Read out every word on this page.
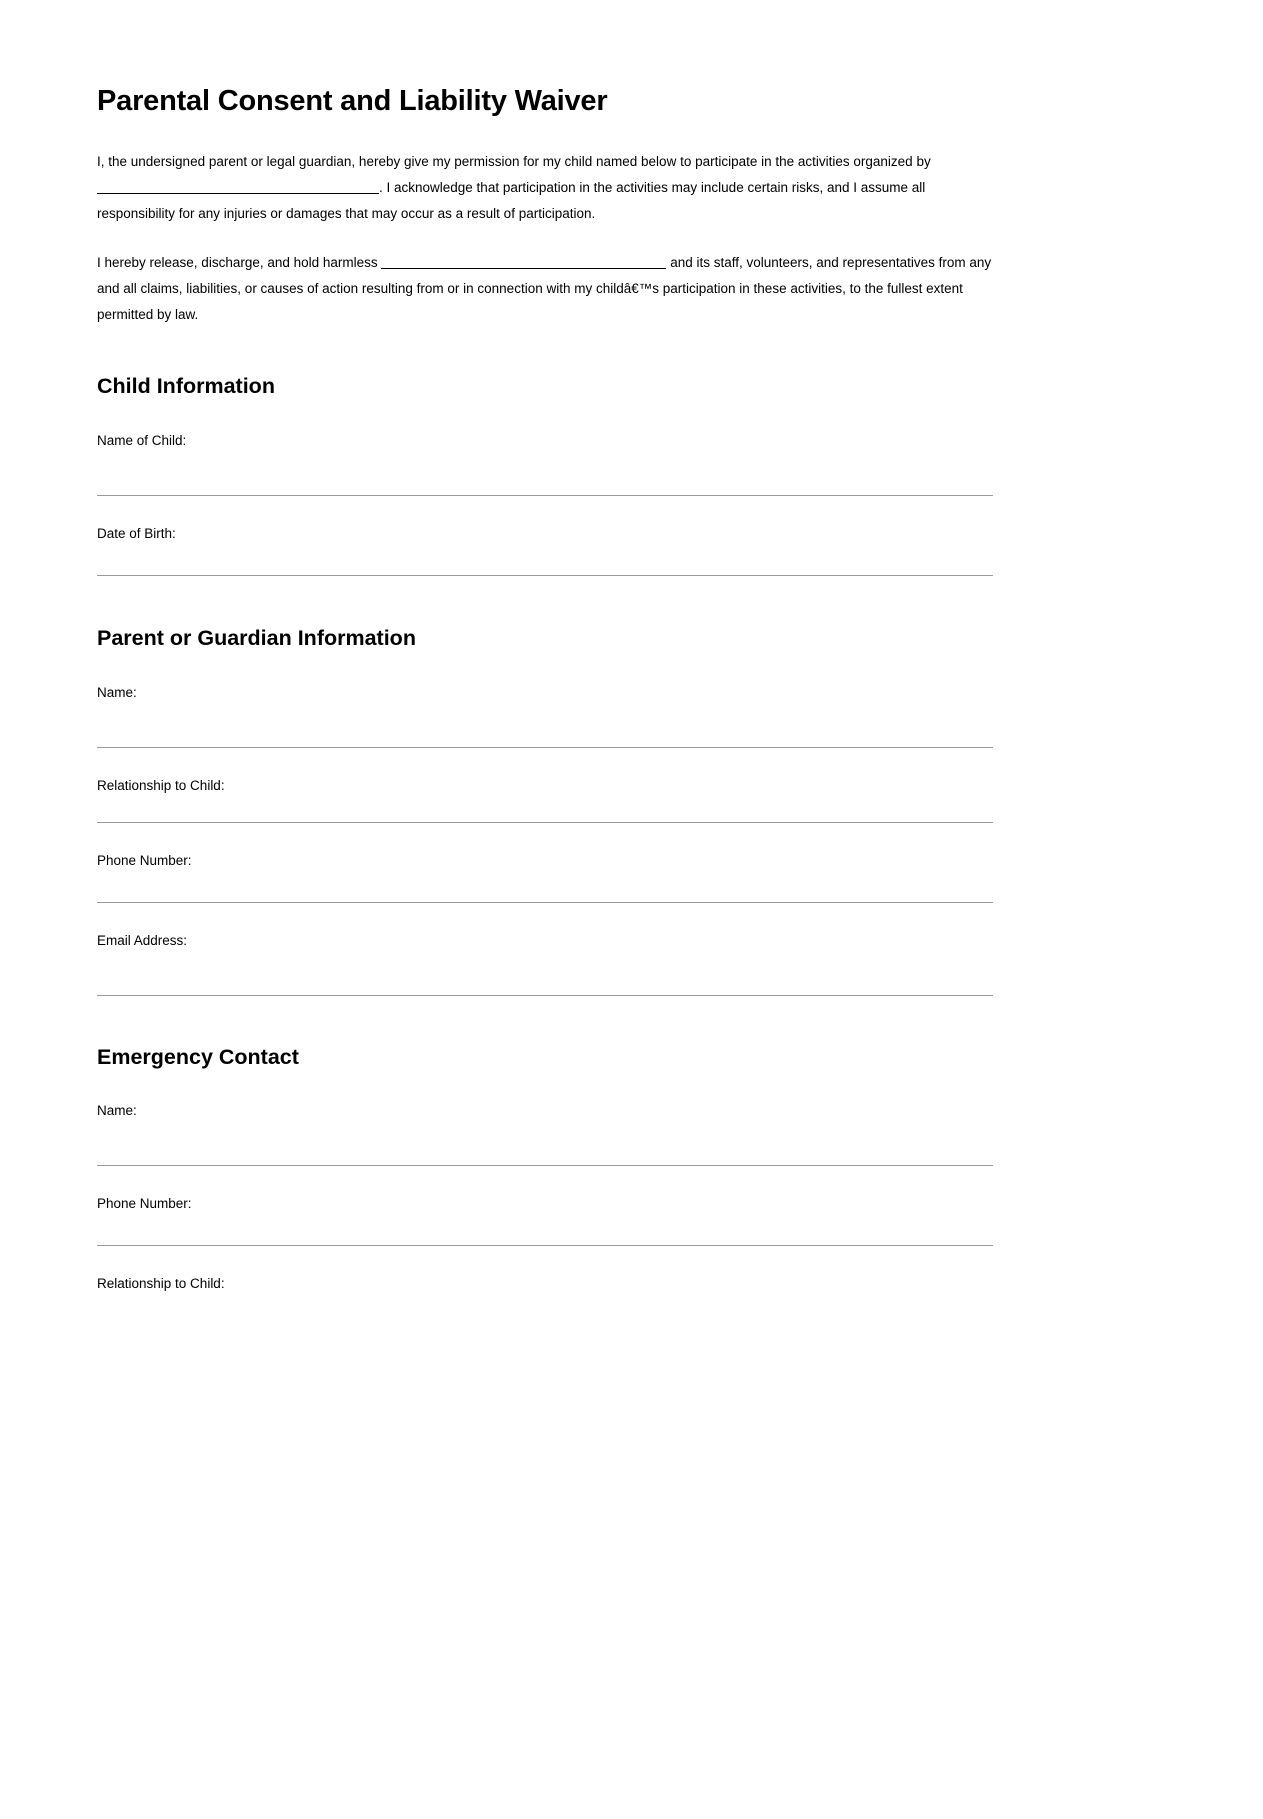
Parental Consent and Liability Waiver

I, the undersigned parent or legal guardian, hereby give my permission for my child named below to participate in the activities organized by. I acknowledge that participation in the activities may include certain risks, and I assume all responsibility for any injuries or damages that may occur as a result of participation.

I hereby release, discharge, and hold harmless	and its staff, volunteers, and representatives from any and all claims, liabilities, or causes of action resulting from or in connection with my childâ€™s participation in these activities, to the fullest extent permitted by law.

Child Information
Name of Child:
Date of Birth:
Parent or Guardian Information
Name:
Relationship to Child:
Phone Number:
Email Address:
Emergency Contact
Name:
Phone Number:
Relationship to Child:
